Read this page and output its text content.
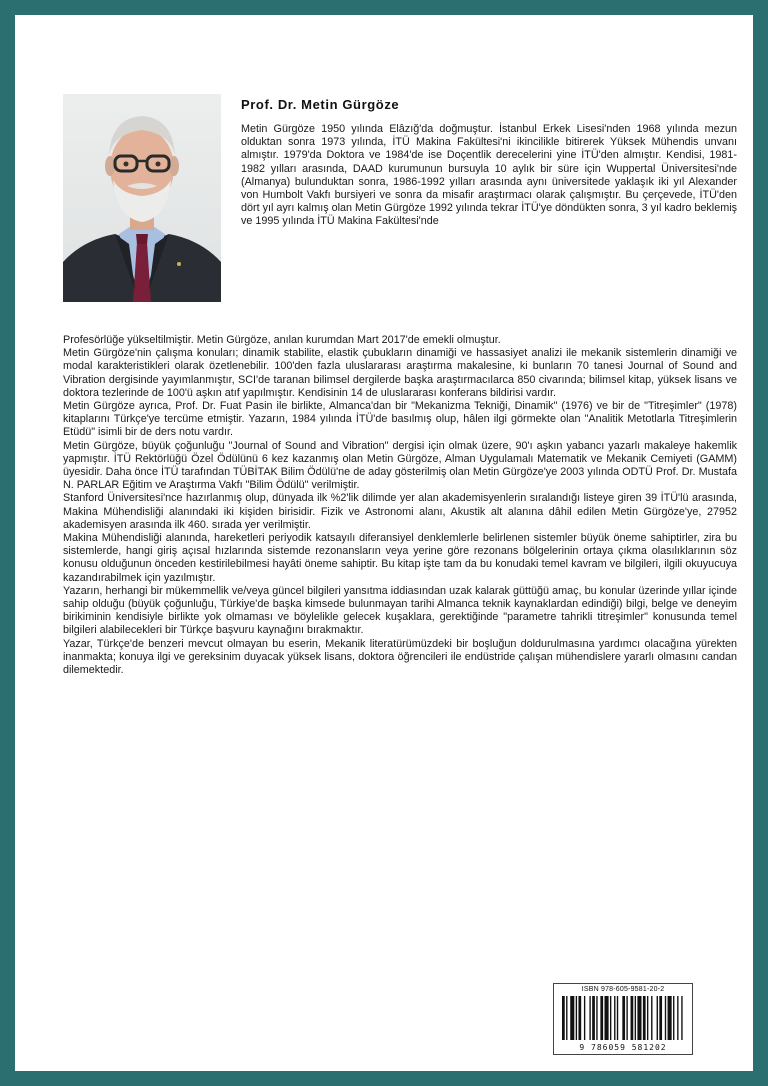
Prof. Dr. Metin Gürgöze
Metin Gürgöze 1950 yılında Elâzığ'da doğmuştur. İstanbul Erkek Lisesi'nden 1968 yılında mezun olduktan sonra 1973 yılında, İTÜ Makina Fakültesi'ni ikincilikle bitirerek Yüksek Mühendis unvanı almıştır. 1979'da Doktora ve 1984'de ise Doçentlik derecelerini yine İTÜ'den almıştır. Kendisi, 1981-1982 yılları arasında, DAAD kurumunun bursuyla 10 aylık bir süre için Wuppertal Üniversitesi'nde (Almanya) bulunduktan sonra, 1986-1992 yılları arasında aynı üniversitede yaklaşık iki yıl Alexander von Humbolt Vakfı bursiyeri ve sonra da misafir araştırmacı olarak çalışmıştır. Bu çerçevede, İTÜ'den dört yıl ayrı kalmış olan Metin Gürgöze 1992 yılında tekrar İTÜ'ye döndükten sonra, 3 yıl kadro beklemiş ve 1995 yılında İTÜ Makina Fakültesi'nde

Profesörlüğe yükseltilmiştir. Metin Gürgöze, anılan kurumdan Mart 2017'de emekli olmuştur.

Metin Gürgöze'nin çalışma konuları; dinamik stabilite, elastik çubukların dinamiği ve hassasiyet analizi ile mekanik sistemlerin dinamiği ve modal karakteristikleri olarak özetlenebilir. 100'den fazla uluslararası araştırma makalesine, ki bunların 70 tanesi Journal of Sound and Vibration dergisinde yayımlanmıştır, SCI'de taranan bilimsel dergilerde başka araştırmacılarca 850 civarında; bilimsel kitap, yüksek lisans ve doktora tezlerinde de 100'ü aşkın atıf yapılmıştır. Kendisinin 14 de uluslararası konferans bildirisi vardır.

Metin Gürgöze ayrıca, Prof. Dr. Fuat Pasin ile birlikte, Almanca'dan bir "Mekanizma Tekniği, Dinamik" (1976) ve bir de "Titreşimler" (1978) kitaplarını Türkçe'ye tercüme etmiştir. Yazarın, 1984 yılında İTÜ'de basılmış olup, hâlen ilgi görmekte olan "Analitik Metotlarla Titreşimlerin Etüdü" isimli bir de ders notu vardır.

Metin Gürgöze, büyük çoğunluğu "Journal of Sound and Vibration" dergisi için olmak üzere, 90'ı aşkın yabancı yazarlı makaleye hakemlik yapmıştır. İTÜ Rektörlüğü Özel Ödülünü 6 kez kazanmış olan Metin Gürgöze, Alman Uygulamalı Matematik ve Mekanik Cemiyeti (GAMM) üyesidir. Daha önce İTÜ tarafından TÜBİTAK Bilim Ödülü'ne de aday gösterilmiş olan Metin Gürgöze'ye 2003 yılında ODTÜ Prof. Dr. Mustafa N. PARLAR Eğitim ve Araştırma Vakfı "Bilim Ödülü" verilmiştir.

Stanford Üniversitesi'nce hazırlanmış olup, dünyada ilk %2'lik dilimde yer alan akademisyenlerin sıralandığı listeye giren 39 İTÜ'lü arasında, Makina Mühendisliği alanındaki iki kişiden birisidir. Fizik ve Astronomi alanı, Akustik alt alanına dâhil edilen Metin Gürgöze'ye, 27952 akademisyen arasında ilk 460. sırada yer verilmiştir.

Makina Mühendisliği alanında, hareketleri periyodik katsayılı diferansiyel denklemlerle belirlenen sistemler büyük öneme sahiptirler, zira bu sistemlerde, hangi giriş açısal hızlarında sistemde rezonansların veya yerine göre rezonans bölgelerinin ortaya çıkma olasılıklarının söz konusu olduğunun önceden kestirilebilmesi hayâti öneme sahiptir. Bu kitap işte tam da bu konudaki temel kavram ve bilgileri, ilgili okuyucuya kazandırabilmek için yazılmıştır.

Yazarın, herhangi bir mükemmellik ve/veya güncel bilgileri yansıtma iddiasından uzak kalarak güttüğü amaç, bu konular üzerinde yıllar içinde sahip olduğu (büyük çoğunluğu, Türkiye'de başka kimsede bulunmayan tarihi Almanca teknik kaynaklardan edindiği) bilgi, belge ve deneyim birikiminin kendisiyle birlikte yok olmaması ve böylelikle gelecek kuşaklara, gerektiğinde "parametre tahrikli titreşimler" konusunda temel bilgileri alabilecekleri bir Türkçe başvuru kaynağını bırakmaktır.

Yazar, Türkçe'de benzeri mevcut olmayan bu eserin, Mekanik literatürümüzdeki bir boşluğun doldurulmasına yardımcı olacağına yürekten inanmakta; konuya ilgi ve gereksinim duyacak yüksek lisans, doktora öğrencileri ile endüstride çalışan mühendislere yararlı olmasını candan dilemektedir.

ISBN 978-605-9581-20-2
9 786059 581202
